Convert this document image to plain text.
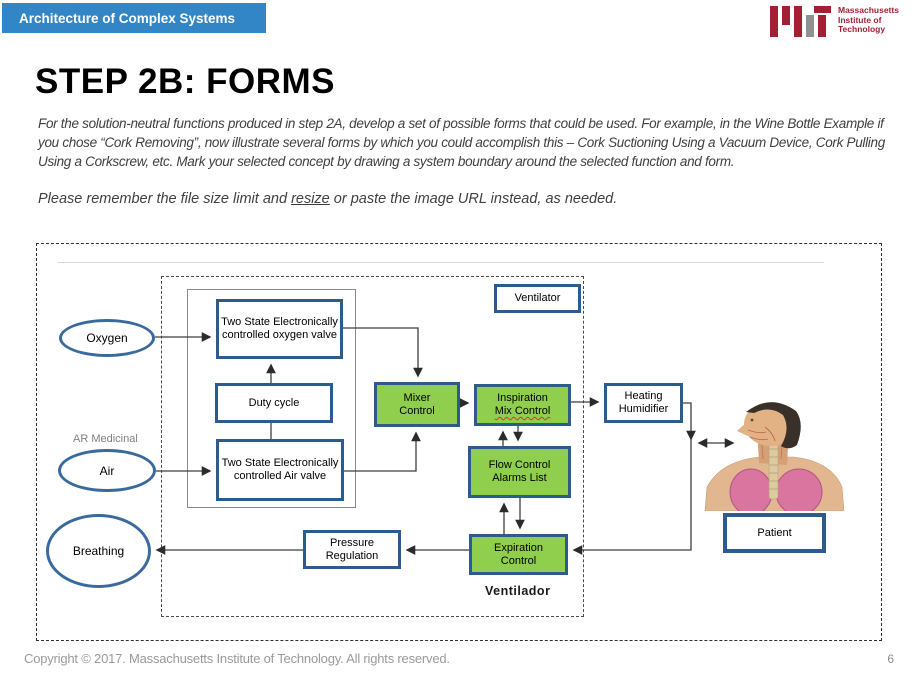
Architecture of Complex Systems
Massachusetts
Institute of
Technology
STEP 2B: FORMS

For the solution-neutral functions produced in step 2A, develop a set of possible forms that could be used. For example, in the Wine Bottle Example if you chose “Cork Removing”, now illustrate several forms by which you could accomplish this – Cork Suctioning Using a Vacuum Device, Cork Pulling Using a Corkscrew, etc. Mark your selected concept by drawing a system boundary around the selected function and form.

Please remember the file size limit and resize or paste the image URL instead, as needed.

Oxygen
AR Medicinal
Air
Breathing
Ventilator
Two State Electronically controlled oxygen valve
Duty cycle
Two State Electronically controlled Air valve
Pressure
Regulation
Heating
Humidifier
Patient
Mixer
Control
Inspiration
Mix Control
Flow Control
Alarms List
Expiration
Control
Ventilador
Copyright © 2017. Massachusetts Institute of Technology. All rights reserved.	6
